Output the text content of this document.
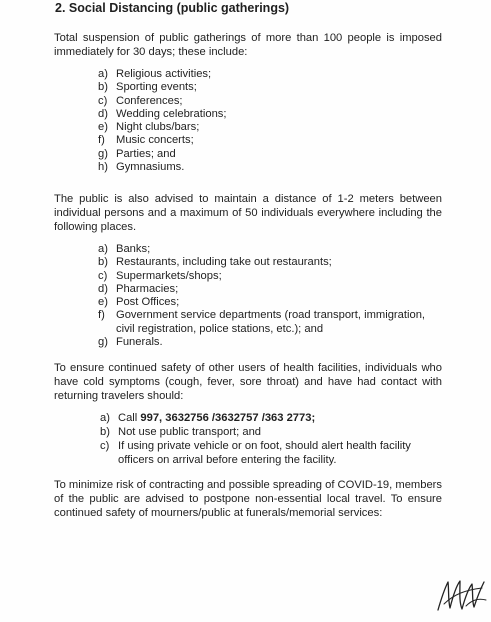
2. Social Distancing (public gatherings)
Total suspension of public gatherings of more than 100 people is imposed immediately for 30 days; these include:
a) Religious activities;
b) Sporting events;
c) Conferences;
d) Wedding celebrations;
e) Night clubs/bars;
f) Music concerts;
g) Parties; and
h) Gymnasiums.
The public is also advised to maintain a distance of 1-2 meters between individual persons and a maximum of 50 individuals everywhere including the following places.
a) Banks;
b) Restaurants, including take out restaurants;
c) Supermarkets/shops;
d) Pharmacies;
e) Post Offices;
f) Government service departments (road transport, immigration, civil registration, police stations, etc.); and
g) Funerals.
To ensure continued safety of other users of health facilities, individuals who have cold symptoms (cough, fever, sore throat) and have had contact with returning travelers should:
a) Call 997, 3632756 /3632757 /363 2773;
b) Not use public transport; and
c) If using private vehicle or on foot, should alert health facility officers on arrival before entering the facility.
To minimize risk of contracting and possible spreading of COVID-19, members of the public are advised to postpone non-essential local travel. To ensure continued safety of mourners/public at funerals/memorial services:
